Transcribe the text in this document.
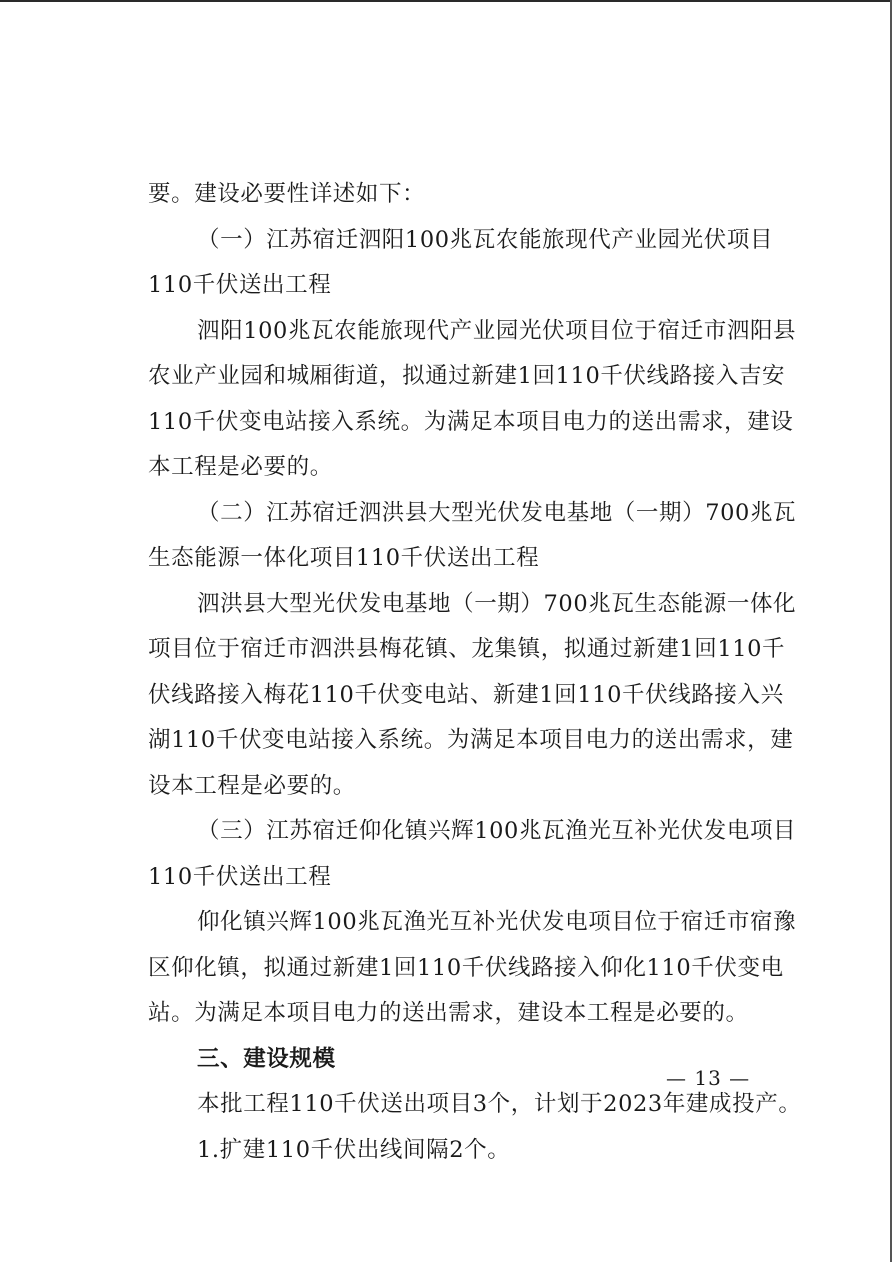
要。建设必要性详述如下：
（一）江苏宿迁泗阳100兆瓦农能旅现代产业园光伏项目
110千伏送出工程
泗阳100兆瓦农能旅现代产业园光伏项目位于宿迁市泗阳县
农业产业园和城厢街道，拟通过新建1回110千伏线路接入吉安
110千伏变电站接入系统。为满足本项目电力的送出需求，建设
本工程是必要的。
（二）江苏宿迁泗洪县大型光伏发电基地（一期）700兆瓦
生态能源一体化项目110千伏送出工程
泗洪县大型光伏发电基地（一期）700兆瓦生态能源一体化
项目位于宿迁市泗洪县梅花镇、龙集镇，拟通过新建1回110千
伏线路接入梅花110千伏变电站、新建1回110千伏线路接入兴
湖110千伏变电站接入系统。为满足本项目电力的送出需求，建
设本工程是必要的。
（三）江苏宿迁仰化镇兴辉100兆瓦渔光互补光伏发电项目
110千伏送出工程
仰化镇兴辉100兆瓦渔光互补光伏发电项目位于宿迁市宿豫
区仰化镇，拟通过新建1回110千伏线路接入仰化110千伏变电
站。为满足本项目电力的送出需求，建设本工程是必要的。
三、建设规模
本批工程110千伏送出项目3个，计划于2023年建成投产。
1.扩建110千伏出线间隔2个。
— 13 —
